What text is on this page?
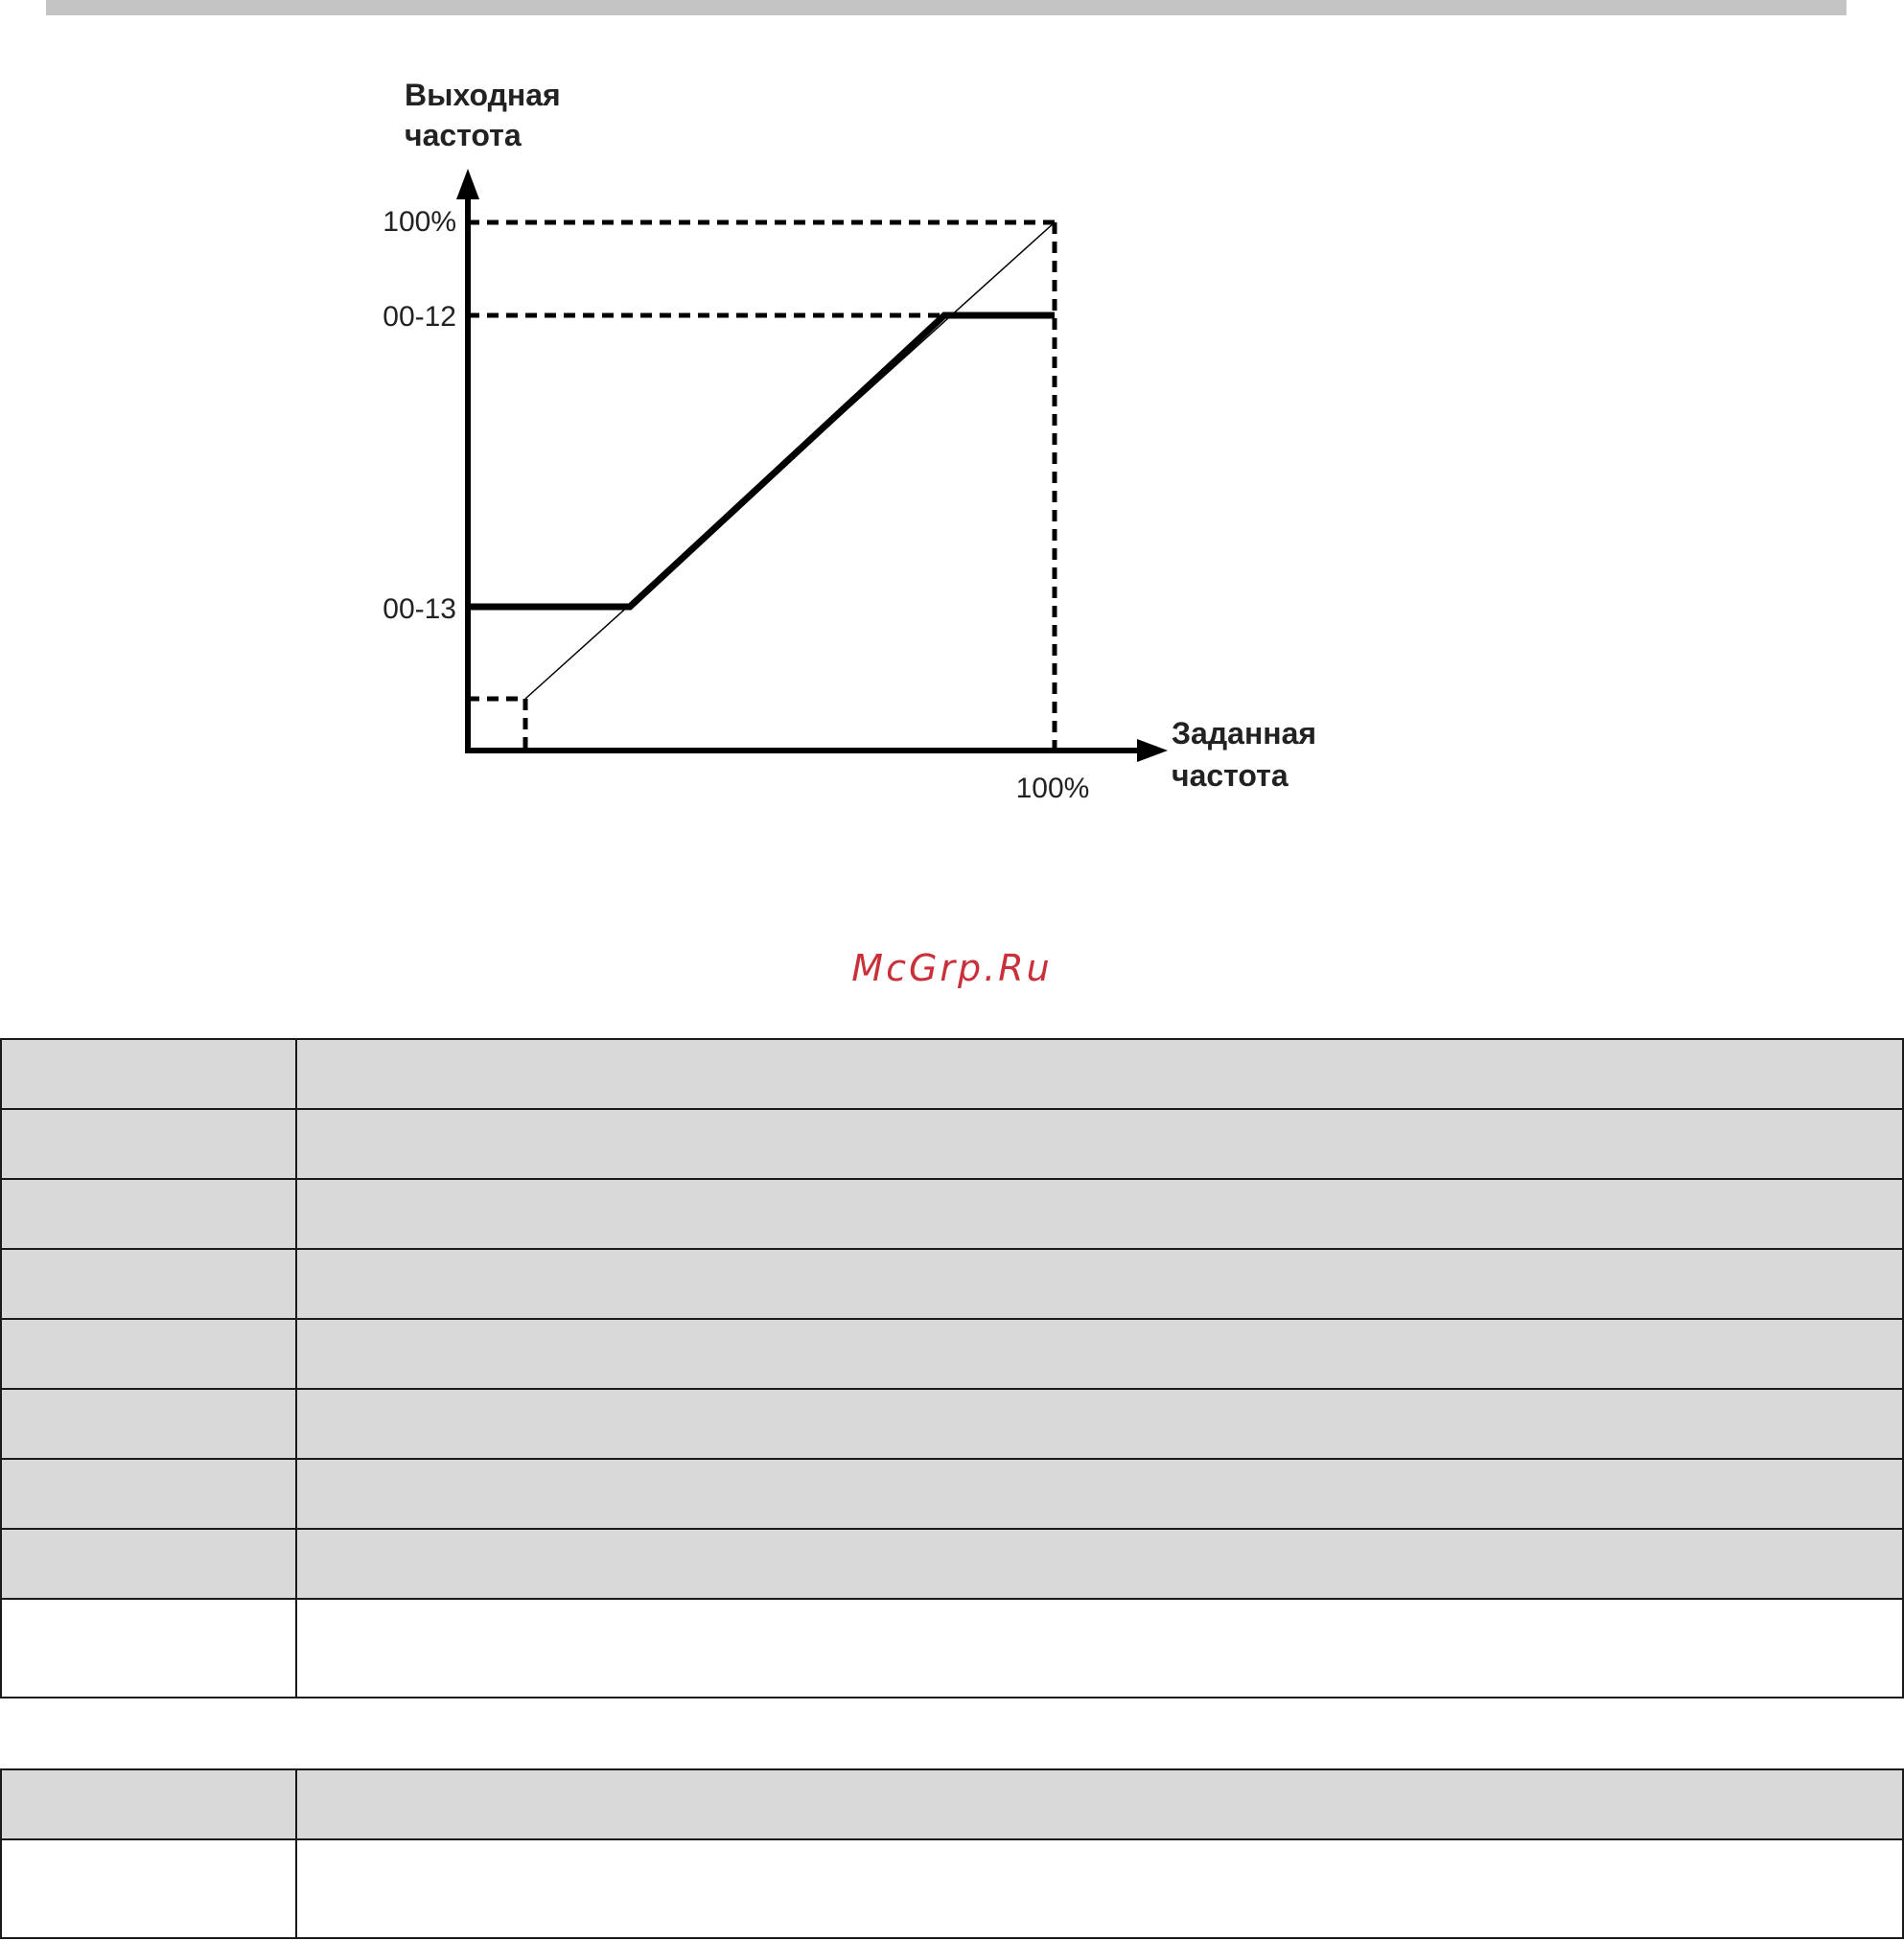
Выходная
частота
Заданная
частота
100%
00-12
00-13
100%
McGrp.Ru
